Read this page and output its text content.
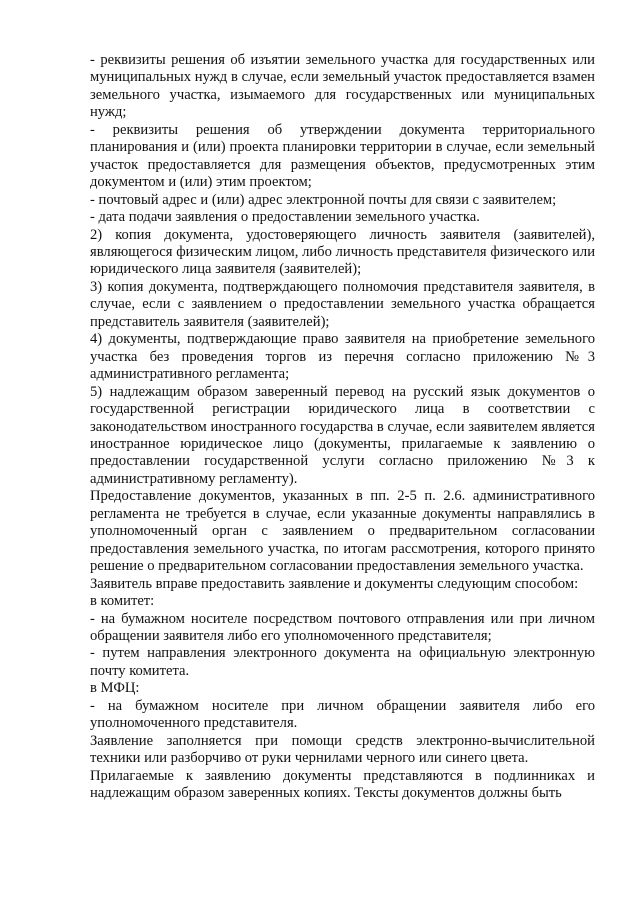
- реквизиты решения об изъятии земельного участка для государственных или муниципальных нужд в случае, если земельный участок предоставляется взамен земельного участка, изымаемого для государственных или муниципальных нужд;

- реквизиты решения об утверждении документа территориального планирования и (или) проекта планировки территории в случае, если земельный участок предоставляется для размещения объектов, предусмотренных этим документом и (или) этим проектом;

- почтовый адрес и (или) адрес электронной почты для связи с заявителем;

- дата подачи заявления о предоставлении земельного участка.

2) копия документа, удостоверяющего личность заявителя (заявителей), являющегося физическим лицом, либо личность представителя физического или юридического лица заявителя (заявителей);

3) копия документа, подтверждающего полномочия представителя заявителя, в случае, если с заявлением о предоставлении земельного участка обращается представитель заявителя (заявителей);

4) документы, подтверждающие право заявителя на приобретение земельного участка без проведения торгов из перечня согласно приложению №3 административного регламента;

5) надлежащим образом заверенный перевод на русский язык документов о государственной регистрации юридического лица в соответствии с законодательством иностранного государства в случае, если заявителем является иностранное юридическое лицо (документы, прилагаемые к заявлению о предоставлении государственной услуги согласно приложению №3 к административному регламенту).

Предоставление документов, указанных в пп. 2-5 п. 2.6. административного регламента не требуется в случае, если указанные документы направлялись в уполномоченный орган с заявлением о предварительном согласовании предоставления земельного участка, по итогам рассмотрения, которого принято решение о предварительном согласовании предоставления земельного участка.

Заявитель вправе предоставить заявление и документы следующим способом:

в комитет:

- на бумажном носителе посредством почтового отправления или при личном обращении заявителя либо его уполномоченного представителя;

- путем направления электронного документа на официальную электронную почту комитета.

в МФЦ:

- на бумажном носителе при личном обращении заявителя либо его уполномоченного представителя.

Заявление заполняется при помощи средств электронно-вычислительной техники или разборчиво от руки чернилами черного или синего цвета.

Прилагаемые к заявлению документы представляются в подлинниках и надлежащим образом заверенных копиях. Тексты документов должны быть
